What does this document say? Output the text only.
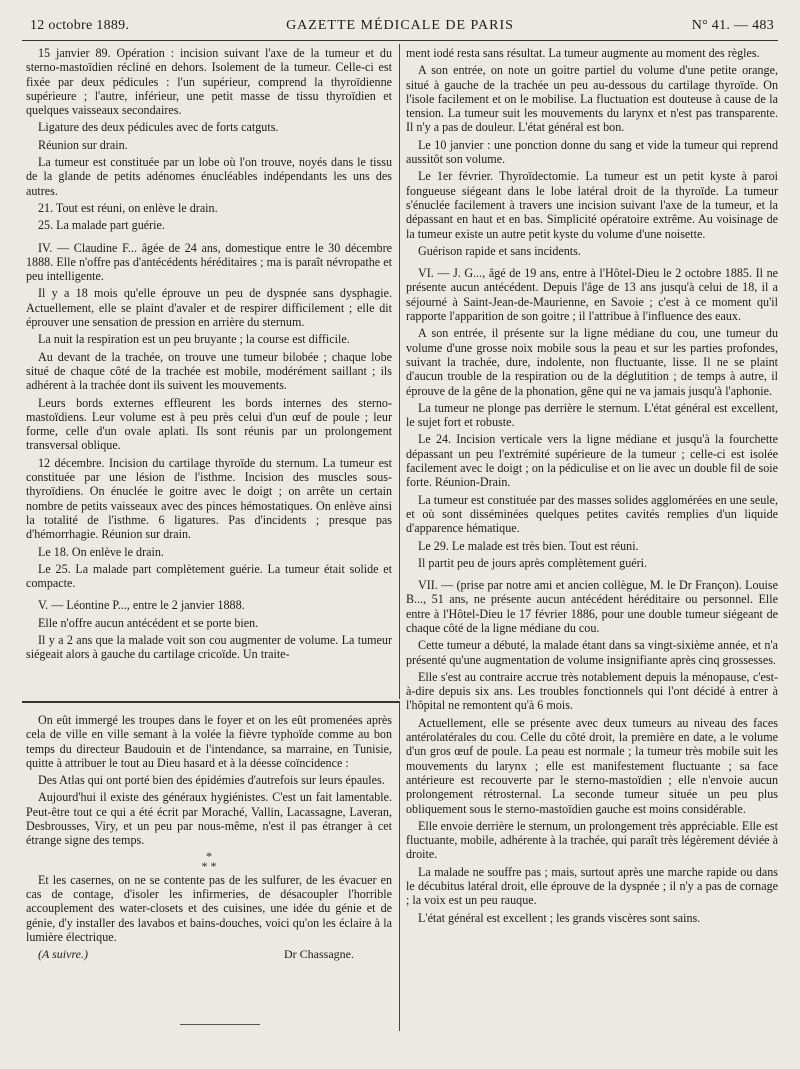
12 octobre 1889.	GAZETTE MÉDICALE DE PARIS	N° 41. — 483

15 janvier 89. Opération : incision suivant l'axe de la tumeur et du sterno-mastoïdien récliné en dehors. Isolement de la tumeur. Celle-ci est fixée par deux pédicules : l'un supérieur, comprend la thyroïdienne supérieure ; l'autre, inférieur, une petit masse de tissu thyroïdien et quelques vaisseaux secondaires.

Ligature des deux pédicules avec de forts catguts.

Réunion sur drain.

La tumeur est constituée par un lobe où l'on trouve, noyés dans le tissu de la glande de petits adénomes énucléables indépendants les uns des autres.

21. Tout est réuni, on enlève le drain.

25. La malade part guérie.

IV. — Claudine F... âgée de 24 ans, domestique entre le 30 décembre 1888. Elle n'offre pas d'antécédents héréditaires ; ma is paraît névropathe et peu intelligente.

Il y a 18 mois qu'elle éprouve un peu de dyspnée sans dysphagie. Actuellement, elle se plaint d'avaler et de respirer difficilement ; elle dit éprouver une sensation de pression en arrière du sternum.

La nuit la respiration est un peu bruyante ; la course est difficile.

Au devant de la trachée, on trouve une tumeur bilobée ; chaque lobe situé de chaque côté de la trachée est mobile, modérément saillant ; ils adhérent à la trachée dont ils suivent les mouvements.

Leurs bords externes effleurent les bords internes des sterno-mastoïdiens. Leur volume est à peu près celui d'un œuf de poule ; leur forme, celle d'un ovale aplati. Ils sont réunis par un prolongement transversal oblique.

12 décembre. Incision du cartilage thyroïde du sternum. La tumeur est constituée par une lésion de l'isthme. Incision des muscles sous-thyroïdiens. On énuclée le goitre avec le doigt ; on arrête un certain nombre de petits vaisseaux avec des pinces hémostatiques. On enlève ainsi la totalité de l'isthme. 6 ligatures. Pas d'incidents ; presque pas d'hémorrhagie. Réunion sur drain.

Le 18. On enlève le drain.

Le 25. La malade part complètement guérie. La tumeur était solide et compacte.

V. — Léontine P..., entre le 2 janvier 1888.

Elle n'offre aucun antécédent et se porte bien.

Il y a 2 ans que la malade voit son cou augmenter de volume. La tumeur siégeait alors à gauche du cartilage cricoïde. Un traite-

On eût immergé les troupes dans le foyer et on les eût promenées après cela de ville en ville semant à la volée la fièvre typhoïde comme au bon temps du directeur Baudouin et de l'intendance, sa marraine, en Tunisie, quitte à attribuer le tout au Dieu hasard et à la déesse coïncidence :

Des Atlas qui ont porté bien des épidémies d'autrefois sur leurs épaules.

Aujourd'hui il existe des généraux hygiénistes. C'est un fait lamentable. Peut-être tout ce qui a été écrit par Moraché, Vallin, Lacassagne, Laveran, Desbrousses, Viry, et un peu par nous-même, n'est il pas étranger à cet étrange signe des temps.

*
* *

Et les casernes, on ne se contente pas de les sulfurer, de les évacuer en cas de contage, d'isoler les infirmeries, de désacoupler l'horrible accouplement des water-closets et des cuisines, une idée du génie et de génie, d'y installer des lavabos et bains-douches, voici qu'on les éclaire à la lumière électrique.

(A suivre.)	Dr Chassagne.

ment iodé resta sans résultat. La tumeur augmente au moment des règles.

A son entrée, on note un goitre partiel du volume d'une petite orange, situé à gauche de la trachée un peu au-dessous du cartilage thyroïde. On l'isole facilement et on le mobilise. La fluctuation est douteuse à cause de la tension. La tumeur suit les mouvements du larynx et n'est pas transparente. Il n'y a pas de douleur. L'état général est bon.

Le 10 janvier : une ponction donne du sang et vide la tumeur qui reprend aussitôt son volume.

Le 1er février. Thyroïdectomie. La tumeur est un petit kyste à paroi fongueuse siégeant dans le lobe latéral droit de la thyroïde. La tumeur s'énuclée facilement à travers une incision suivant l'axe de la tumeur, et la dépassant en haut et en bas. Simplicité opératoire extrême. Au voisinage de la tumeur existe un autre petit kyste du volume d'une noisette.

Guérison rapide et sans incidents.

VI. — J. G..., âgé de 19 ans, entre à l'Hôtel-Dieu le 2 octobre 1885. Il ne présente aucun antécédent. Depuis l'âge de 13 ans jusqu'à celui de 18, il a séjourné à Saint-Jean-de-Maurienne, en Savoie ; c'est à ce moment qu'il rapporte l'apparition de son goitre ; il l'attribue à l'influence des eaux.

A son entrée, il présente sur la ligne médiane du cou, une tumeur du volume d'une grosse noix mobile sous la peau et sur les parties profondes, suivant la trachée, dure, indolente, non fluctuante, lisse. Il ne se plaint d'aucun trouble de la respiration ou de la déglutition ; de temps à autre, il éprouve de la gêne de la phonation, gêne qui ne va jamais jusqu'à l'aphonie.

La tumeur ne plonge pas derrière le sternum. L'état général est excellent, le sujet fort et robuste.

Le 24. Incision verticale vers la ligne médiane et jusqu'à la fourchette dépassant un peu l'extrémité supérieure de la tumeur ; celle-ci est isolée facilement avec le doigt ; on la pédiculise et on lie avec un double fil de soie forte. Réunion-Drain.

La tumeur est constituée par des masses solides agglomérées en une seule, et où sont disséminées quelques petites cavités remplies d'un liquide d'apparence hématique.

Le 29. Le malade est très bien. Tout est réuni.

Il partit peu de jours après complètement guéri.

VII. — (prise par notre ami et ancien collègue, M. le Dr Françon). Louise B..., 51 ans, ne présente aucun antécédent héréditaire ou personnel. Elle entre à l'Hôtel-Dieu le 17 février 1886, pour une double tumeur siégeant de chaque côté de la ligne médiane du cou.

Cette tumeur a débuté, la malade étant dans sa vingt-sixième année, et n'a présenté qu'une augmentation de volume insignifiante après cinq grossesses.

Elle s'est au contraire accrue très notablement depuis la ménopause, c'est-à-dire depuis six ans. Les troubles fonctionnels qui l'ont décidé à entrer à l'hôpital ne remontent qu'à 6 mois.

Actuellement, elle se présente avec deux tumeurs au niveau des faces antérolatérales du cou. Celle du côté droit, la première en date, a le volume d'un gros œuf de poule. La peau est normale ; la tumeur très mobile suit les mouvements du larynx ; elle est manifestement fluctuante ; sa face antérieure est recouverte par le sterno-mastoïdien ; elle n'envoie aucun prolongement rétrosternal. La seconde tumeur située un peu plus obliquement sous le sterno-mastoïdien gauche est moins considérable.

Elle envoie derrière le sternum, un prolongement très appréciable. Elle est fluctuante, mobile, adhérente à la trachée, qui paraît très légèrement déviée à droite.

La malade ne souffre pas ; mais, surtout après une marche rapide ou dans le décubitus latéral droit, elle éprouve de la dyspnée ; il n'y a pas de cornage ; la voix est un peu rauque.

L'état général est excellent ; les grands viscères sont sains.
